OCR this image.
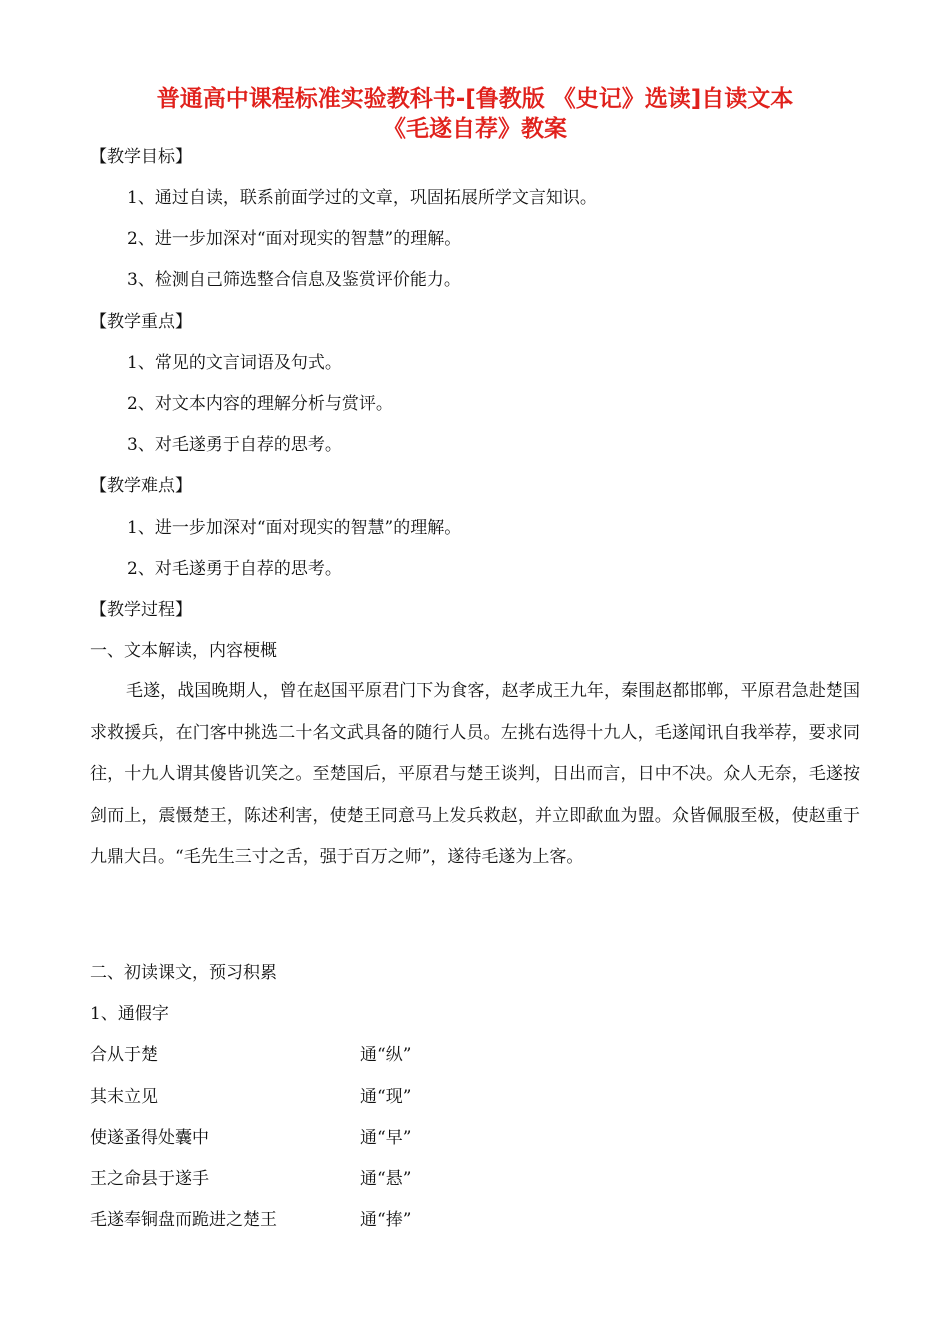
普通高中课程标准实验教科书-[鲁教版 《史记》选读]自读文本
《毛遂自荐》教案
【教学目标】
1、通过自读，联系前面学过的文章，巩固拓展所学文言知识。
2、进一步加深对“面对现实的智慧”的理解。
3、检测自己筛选整合信息及鉴赏评价能力。
【教学重点】
1、常见的文言词语及句式。
2、对文本内容的理解分析与赏评。
3、对毛遂勇于自荐的思考。
【教学难点】
1、进一步加深对“面对现实的智慧”的理解。
2、对毛遂勇于自荐的思考。
【教学过程】
一、文本解读，内容梗概
毛遂，战国晚期人，曾在赵国平原君门下为食客，赵孝成王九年，秦围赵都邯郸，平原君急赴楚国求救援兵，在门客中挑选二十名文武具备的随行人员。左挑右选得十九人，毛遂闻讯自我举荐，要求同往，十九人谓其傻皆讥笑之。至楚国后，平原君与楚王谈判，日出而言，日中不决。众人无奈，毛遂按剑而上，震慑楚王，陈述利害，使楚王同意马上发兵救赵，并立即歃血为盟。众皆佩服至极，使赵重于九鼎大吕。“毛先生三寸之舌，强于百万之师”，遂待毛遂为上客。
二、初读课文，预习积累
1、通假字
合从于楚	通“纵”
其末立见	通“现”
使遂蚤得处囊中	通“早”
王之命县于遂手	通“悬”
毛遂奉铜盘而跪进之楚王	通“捧”
